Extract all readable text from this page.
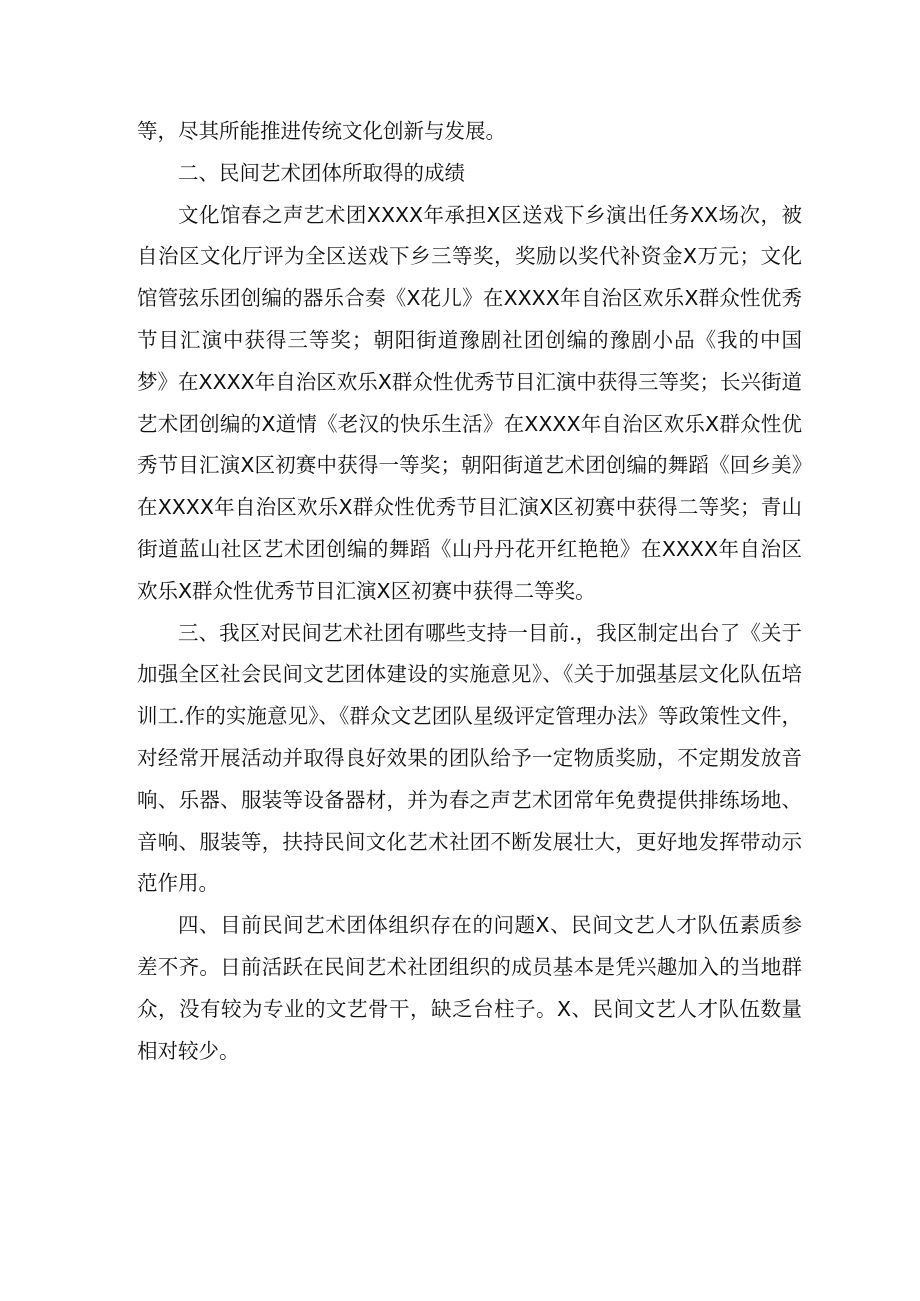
等，尽其所能推进传统文化创新与发展。

二、民间艺术团体所取得的成绩

文化馆春之声艺术团XXXX年承担X区送戏下乡演出任务XX场次，被自治区文化厅评为全区送戏下乡三等奖，奖励以奖代补资金X万元；文化馆管弦乐团创编的器乐合奏《X花儿》在XXXX年自治区欢乐X群众性优秀节目汇演中获得三等奖；朝阳街道豫剧社团创编的豫剧小品《我的中国梦》在XXXX年自治区欢乐X群众性优秀节目汇演中获得三等奖；长兴街道艺术团创编的X道情《老汉的快乐生活》在XXXX年自治区欢乐X群众性优秀节目汇演X区初赛中获得一等奖；朝阳街道艺术团创编的舞蹈《回乡美》在XXXX年自治区欢乐X群众性优秀节目汇演X区初赛中获得二等奖；青山街道蓝山社区艺术团创编的舞蹈《山丹丹花开红艳艳》在XXXX年自治区欢乐X群众性优秀节目汇演X区初赛中获得二等奖。

三、我区对民间艺术社团有哪些支持一目前.，我区制定出台了《关于加强全区社会民间文艺团体建设的实施意见》、《关于加强基层文化队伍培训工.作的实施意见》、《群众文艺团队星级评定管理办法》等政策性文件，对经常开展活动并取得良好效果的团队给予一定物质奖励，不定期发放音响、乐器、服装等设备器材，并为春之声艺术团常年免费提供排练场地、音响、服装等，扶持民间文化艺术社团不断发展壮大，更好地发挥带动示范作用。

四、目前民间艺术团体组织存在的问题X、民间文艺人才队伍素质参差不齐。日前活跃在民间艺术社团组织的成员基本是凭兴趣加入的当地群众，没有较为专业的文艺骨干，缺乏台柱子。X、民间文艺人才队伍数量相对较少。
